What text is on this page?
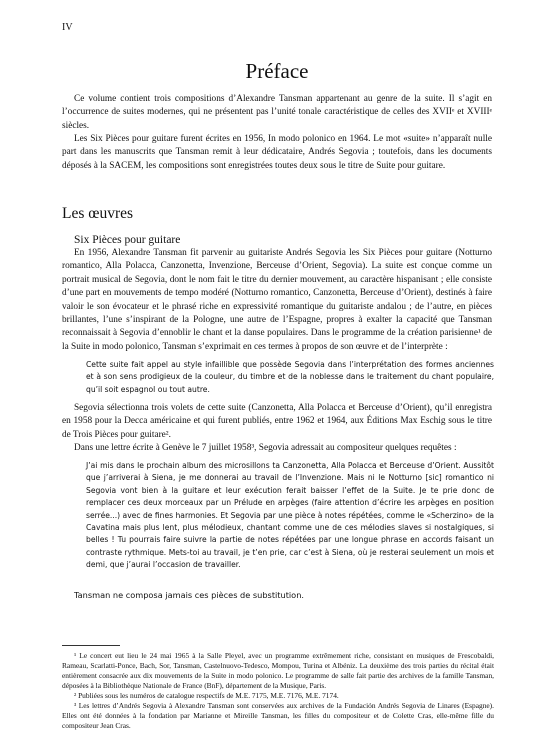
IV
Préface
Ce volume contient trois compositions d’Alexandre Tansman appartenant au genre de la suite. Il s’agit en l’occurrence de suites modernes, qui ne présentent pas l’unité tonale caractéristique de celles des XVIIᵉ et XVIIIᵉ siècles.
Les Six Pièces pour guitare furent écrites en 1956, In modo polonico en 1964. Le mot «suite» n’apparaît nulle part dans les manuscrits que Tansman remit à leur dédicataire, Andrés Segovia ; toutefois, dans les documents déposés à la SACEM, les compositions sont enregistrées toutes deux sous le titre de Suite pour guitare.
Les œuvres
Six Pièces pour guitare
En 1956, Alexandre Tansman fit parvenir au guitariste Andrés Segovia les Six Pièces pour guitare (Notturno romantico, Alla Polacca, Canzonetta, Invenzione, Berceuse d’Orient, Segovia). La suite est conçue comme un portrait musical de Segovia, dont le nom fait le titre du dernier mouvement, au caractère hispanisant ; elle consiste d’une part en mouvements de tempo modéré (Notturno romantico, Canzonetta, Berceuse d’Orient), destinés à faire valoir le son évocateur et le phrasé riche en expressivité romantique du guitariste andalou ; de l’autre, en pièces brillantes, l’une s’inspirant de la Pologne, une autre de l’Espagne, propres à exalter la capacité que Tansman reconnaissait à Segovia d’ennoblir le chant et la danse populaires. Dans le programme de la création parisienne¹ de la Suite in modo polonico, Tansman s’exprimait en ces termes à propos de son œuvre et de l’interprète :
Cette suite fait appel au style infaillible que possède Segovia dans l’interprétation des formes anciennes et à son sens prodigieux de la couleur, du timbre et de la noblesse dans le traitement du chant populaire, qu’il soit espagnol ou tout autre.
Segovia sélectionna trois volets de cette suite (Canzonetta, Alla Polacca et Berceuse d’Orient), qu’il enregistra en 1958 pour la Decca américaine et qui furent publiés, entre 1962 et 1964, aux Éditions Max Eschig sous le titre de Trois Pièces pour guitare².
Dans une lettre écrite à Genève le 7 juillet 1958³, Segovia adressait au compositeur quelques requêtes :
J’ai mis dans le prochain album des microsillons ta Canzonetta, Alla Polacca et Berceuse d’Orient. Aussitôt que j’arriverai à Siena, je me donnerai au travail de l’Invenzione. Mais ni le Notturno [sic] romantico ni Segovia vont bien à la guitare et leur exécution ferait baisser l’effet de la Suite. Je te prie donc de remplacer ces deux morceaux par un Prélude en arpèges (faire attention d’écrire les arpèges en position serrée...) avec de fines harmonies. Et Segovia par une pièce à notes répétées, comme le «Scherzino» de la Cavatina mais plus lent, plus mélodieux, chantant comme une de ces mélodies slaves si nostalgiques, si belles ! Tu pourrais faire suivre la partie de notes répétées par une longue phrase en accords faisant un contraste rythmique. Mets-toi au travail, je t’en prie, car c’est à Siena, où je resterai seulement un mois et demi, que j’aurai l’occasion de travailler.
Tansman ne composa jamais ces pièces de substitution.
¹ Le concert eut lieu le 24 mai 1965 à la Salle Pleyel, avec un programme extrêmement riche, consistant en musiques de Frescobaldi, Rameau, Scarlatti-Ponce, Bach, Sor, Tansman, Castelnuovo-Tedesco, Mompou, Turina et Albéniz. La deuxième des trois parties du récital était entièrement consacrée aux dix mouvements de la Suite in modo polonico. Le programme de salle fait partie des archives de la famille Tansman, déposées à la Bibliothèque Nationale de France (BnF), département de la Musique, Paris.
² Publiées sous les numéros de catalogue respectifs de M.E. 7175, M.E. 7176, M.E. 7174.
³ Les lettres d’Andrés Segovia à Alexandre Tansman sont conservées aux archives de la Fundación Andrés Segovia de Linares (Espagne). Elles ont été données à la fondation par Marianne et Mireille Tansman, les filles du compositeur et de Colette Cras, elle-même fille du compositeur Jean Cras.
